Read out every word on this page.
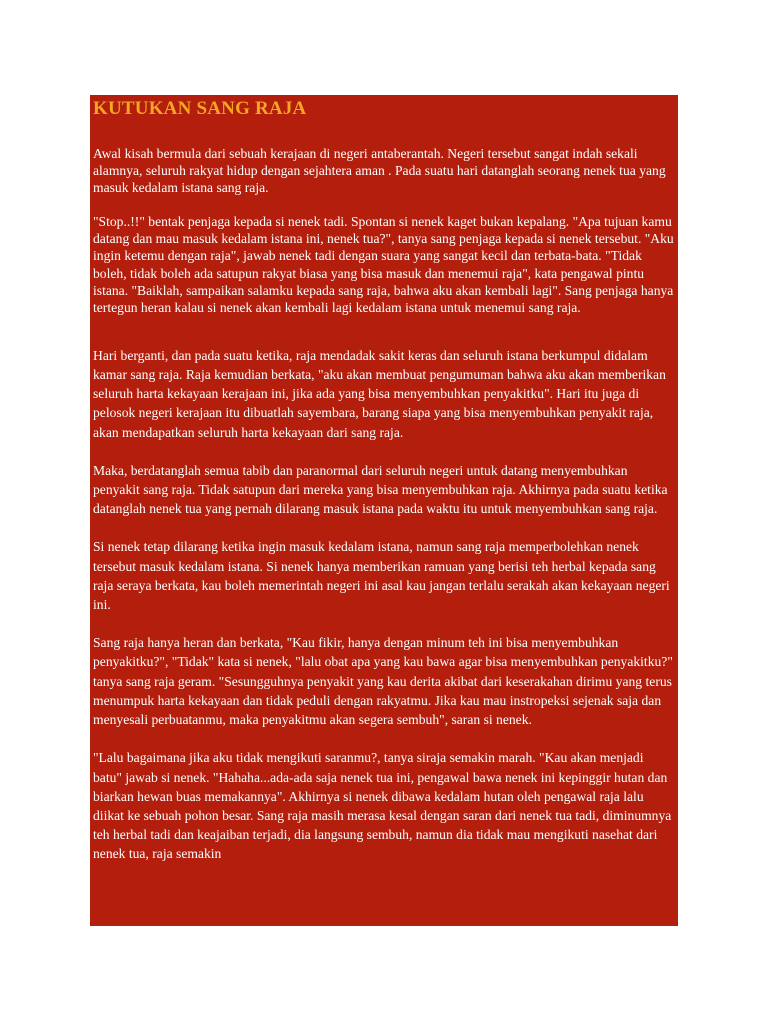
KUTUKAN SANG RAJA

Awal kisah bermula dari sebuah kerajaan di negeri antaberantah. Negeri tersebut sangat indah sekali alamnya, seluruh rakyat hidup dengan sejahtera aman . Pada suatu hari datanglah seorang nenek tua yang masuk kedalam istana sang raja.

"Stop..!!" bentak penjaga kepada si nenek tadi. Spontan si nenek kaget bukan kepalang. "Apa tujuan kamu datang dan mau masuk kedalam istana ini, nenek tua?", tanya sang penjaga kepada si nenek tersebut. "Aku ingin ketemu dengan raja", jawab nenek tadi dengan suara yang sangat kecil dan terbata-bata. "Tidak boleh, tidak boleh ada satupun rakyat biasa yang bisa masuk dan menemui raja", kata pengawal pintu istana. "Baiklah, sampaikan salamku kepada sang raja, bahwa aku akan kembali lagi". Sang penjaga hanya tertegun heran kalau si nenek akan kembali lagi kedalam istana untuk menemui sang raja.

Hari berganti, dan pada suatu ketika, raja mendadak sakit keras dan seluruh istana berkumpul didalam kamar sang raja. Raja kemudian berkata, "aku akan membuat pengumuman bahwa aku akan memberikan seluruh harta kekayaan kerajaan ini, jika ada yang bisa menyembuhkan penyakitku". Hari itu juga di pelosok negeri kerajaan itu dibuatlah sayembara, barang siapa yang bisa menyembuhkan penyakit raja, akan mendapatkan seluruh harta kekayaan dari sang raja.

Maka, berdatanglah semua tabib dan paranormal dari seluruh negeri untuk datang menyembuhkan penyakit sang raja. Tidak satupun dari mereka yang bisa menyembuhkan raja. Akhirnya pada suatu ketika datanglah nenek tua yang pernah dilarang masuk istana pada waktu itu untuk menyembuhkan sang raja.

Si nenek tetap dilarang ketika ingin masuk kedalam istana, namun sang raja memperbolehkan nenek tersebut masuk kedalam istana. Si nenek hanya memberikan ramuan yang berisi teh herbal kepada sang raja seraya berkata, kau boleh memerintah negeri ini asal kau jangan terlalu serakah akan kekayaan negeri ini.

Sang raja hanya heran dan berkata, "Kau fikir, hanya dengan minum teh ini bisa menyembuhkan penyakitku?", "Tidak" kata si nenek, "lalu obat apa yang kau bawa agar bisa menyembuhkan penyakitku?" tanya sang raja geram. "Sesungguhnya penyakit yang kau derita akibat dari keserakahan dirimu yang terus menumpuk harta kekayaan dan tidak peduli dengan rakyatmu. Jika kau mau instropeksi sejenak saja dan menyesali perbuatanmu, maka penyakitmu akan segera sembuh", saran si nenek.

"Lalu bagaimana jika aku tidak mengikuti saranmu?, tanya siraja semakin marah. "Kau akan menjadi batu" jawab si nenek. "Hahaha...ada-ada saja nenek tua ini, pengawal bawa nenek ini kepinggir hutan dan biarkan hewan buas memakannya". Akhirnya si nenek dibawa kedalam hutan oleh pengawal raja lalu diikat ke sebuah pohon besar. Sang raja masih merasa kesal dengan saran dari nenek tua tadi, diminumnya teh herbal tadi dan keajaiban terjadi, dia langsung sembuh, namun dia tidak mau mengikuti nasehat dari nenek tua, raja semakin
